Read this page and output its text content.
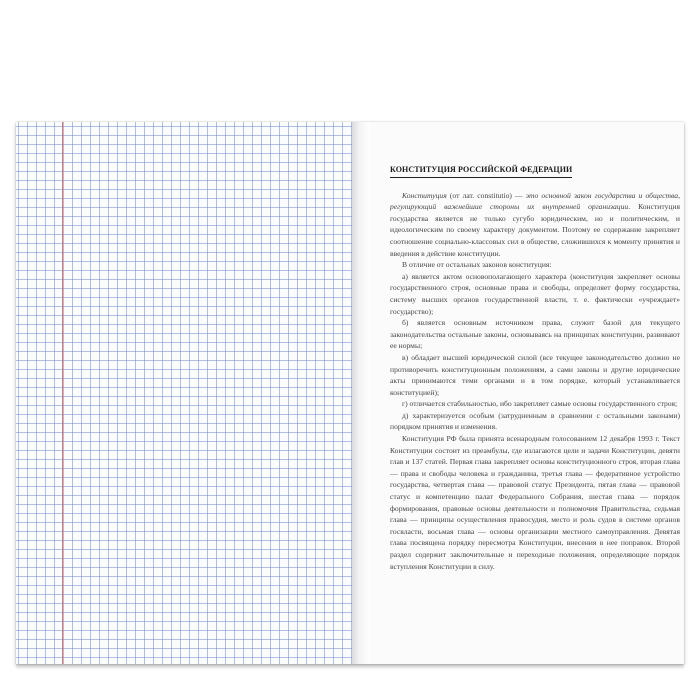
КОНСТИТУЦИЯ РОССИЙСКОЙ ФЕДЕРАЦИИ

Конституция (от лат. constitutio) — это основной закон государства и общества, регулирующий важнейшие стороны их внутренней организации. Конституция государства является не только сугубо юридическим, но и политическим, и идеологическим по своему характеру документом. Поэтому ее содержание закрепляет соотношение социально-классовых сил в обществе, сложившихся к моменту принятия и введения в действие конституции.

В отличие от остальных законов конституция:

а) является актом основополагающего характера (конституция закрепляет основы государственного строя, основные права и свободы, определяет форму государства, систему высших органов государственной власти, т. е. фактически «учреждает» государство);

б) является основным источником права, служит базой для текущего законодательства остальные законы, основываясь на принципах конституции, развивают ее нормы;

в) обладает высшей юридической силой (все текущее законодательство должно не противоречить конституционным положениям, а сами законы и другие юридические акты принимаются теми органами и в том порядке, который устанавливается конституцией);

г) отличается стабильностью, ибо закрепляет самые основы государственного строя;

д) характеризуется особым (затрудненным в сравнении с остальными законами) порядком принятия и изменения.

Конституция РФ была принята всенародным голосованием 12 декабря 1993 г. Текст Конституции состоит из преамбулы, где излагаются цели и задачи Конституции, девяти глав и 137 статей. Первая глава закрепляет основы конституционного строя, вторая глава — права и свободы человека и гражданина, третья глава — федеративное устройство государства, четвертая глава — правовой статус Президента, пятая глава — правовой статус и компетенцию палат Федерального Собрания, шестая глава — порядок формирования, правовые основы деятельности и полномочия Правительства, седьмая глава — принципы осуществления правосудия, место и роль судов в системе органов госвласти, восьмая глава — основы организации местного самоуправления. Девятая глава посвящена порядку пересмотра Конституции, внесения в нее поправок. Второй раздел содержит заключительные и переходные положения, определяющие порядок вступления Конституции в силу.
